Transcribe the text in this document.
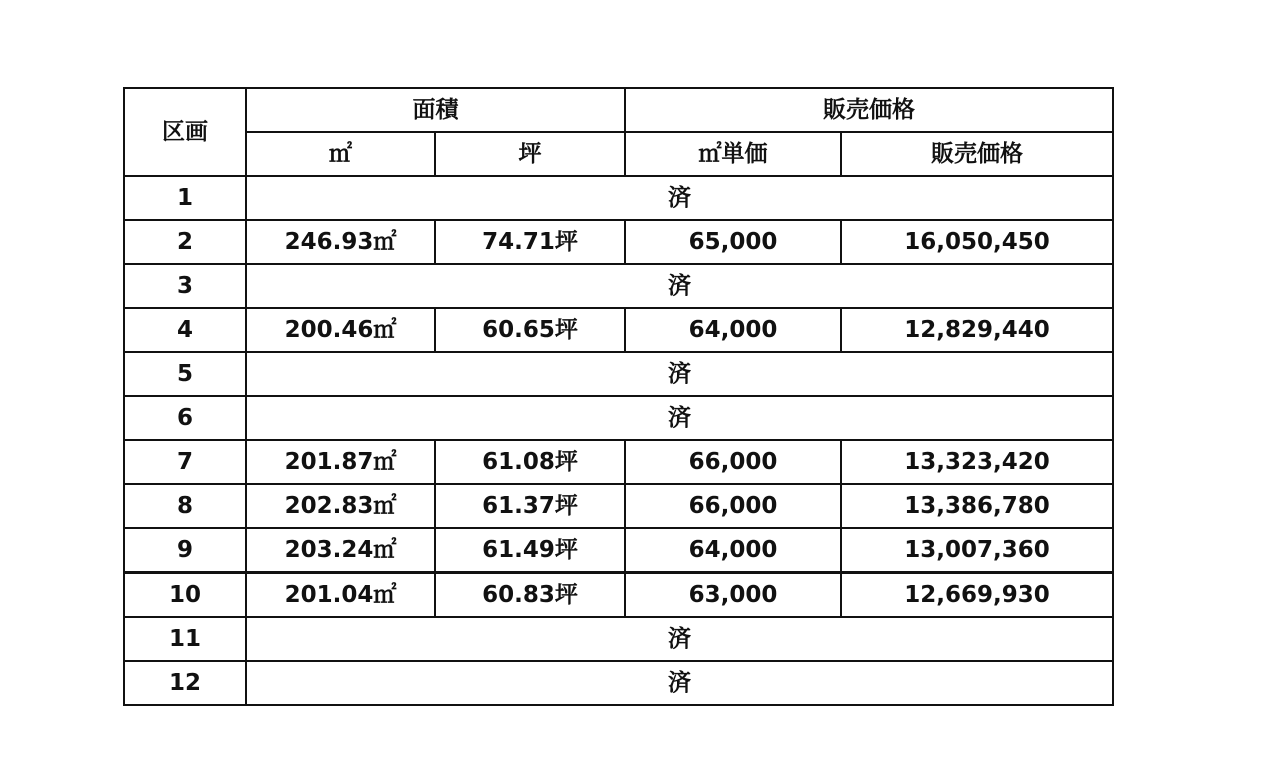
区画	面積		販売価格	
	㎡	坪	㎡単価	販売価格
1	済			
2	246.93㎡	74.71坪	65,000	16,050,450
3	済			
4	200.46㎡	60.65坪	64,000	12,829,440
5	済			
6	済			
7	201.87㎡	61.08坪	66,000	13,323,420
8	202.83㎡	61.37坪	66,000	13,386,780
9	203.24㎡	61.49坪	64,000	13,007,360
10	201.04㎡	60.83坪	63,000	12,669,930
11	済			
12	済			
